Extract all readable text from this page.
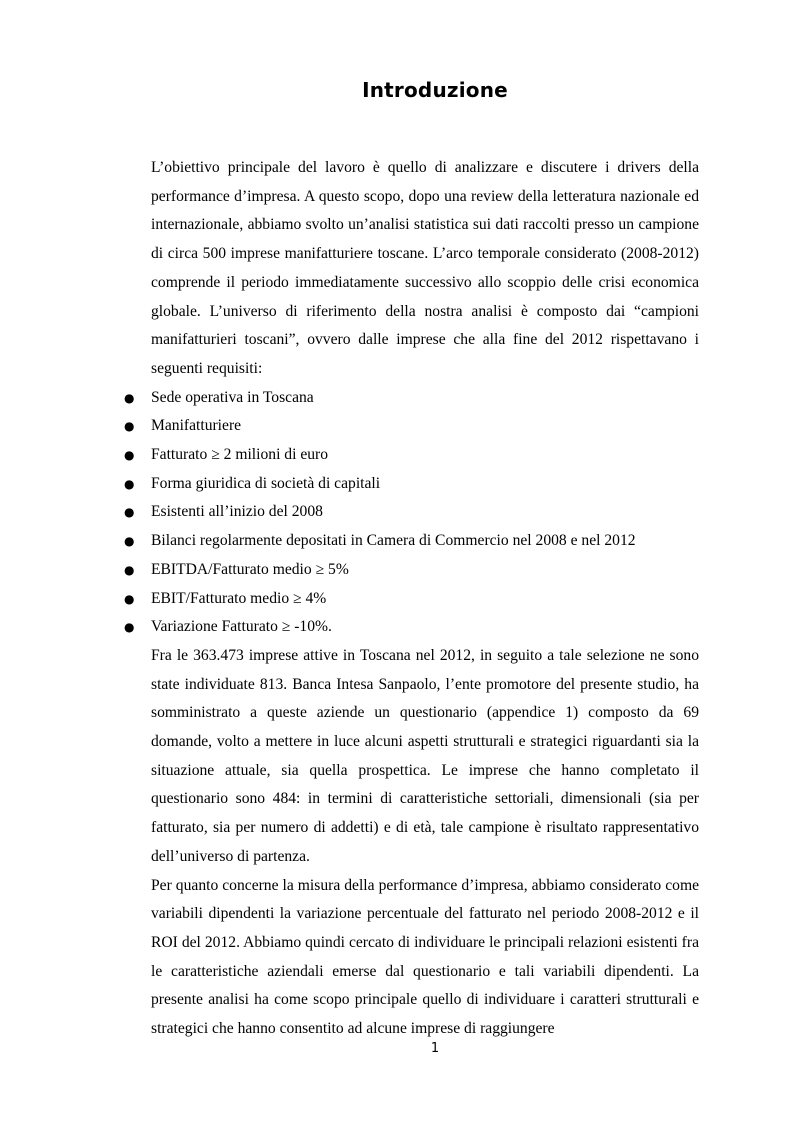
Introduzione

L’obiettivo principale del lavoro è quello di analizzare e discutere i drivers della performance d’impresa. A questo scopo, dopo una review della letteratura nazionale ed internazionale, abbiamo svolto un’analisi statistica sui dati raccolti presso un campione di circa 500 imprese manifatturiere toscane. L’arco temporale considerato (2008-2012) comprende il periodo immediatamente successivo allo scoppio delle crisi economica globale. L’universo di riferimento della nostra analisi è composto dai “campioni manifatturieri toscani”, ovvero dalle imprese che alla fine del 2012 rispettavano i seguenti requisiti:

● Sede operativa in Toscana
● Manifatturiere
● Fatturato ≥ 2 milioni di euro
● Forma giuridica di società di capitali
● Esistenti all’inizio del 2008
● Bilanci regolarmente depositati in Camera di Commercio nel 2008 e nel 2012
● EBITDA/Fatturato medio ≥ 5%
● EBIT/Fatturato medio ≥ 4%
● Variazione Fatturato ≥ -10%.

Fra le 363.473 imprese attive in Toscana nel 2012, in seguito a tale selezione ne sono state individuate 813. Banca Intesa Sanpaolo, l’ente promotore del presente studio, ha somministrato a queste aziende un questionario (appendice 1) composto da 69 domande, volto a mettere in luce alcuni aspetti strutturali e strategici riguardanti sia la situazione attuale, sia quella prospettica. Le imprese che hanno completato il questionario sono 484: in termini di caratteristiche settoriali, dimensionali (sia per fatturato, sia per numero di addetti) e di età, tale campione è risultato rappresentativo dell’universo di partenza.

Per quanto concerne la misura della performance d’impresa, abbiamo considerato come variabili dipendenti la variazione percentuale del fatturato nel periodo 2008-2012 e il ROI del 2012. Abbiamo quindi cercato di individuare le principali relazioni esistenti fra le caratteristiche aziendali emerse dal questionario e tali variabili dipendenti. La presente analisi ha come scopo principale quello di individuare i caratteri strutturali e strategici che hanno consentito ad alcune imprese di raggiungere

1
